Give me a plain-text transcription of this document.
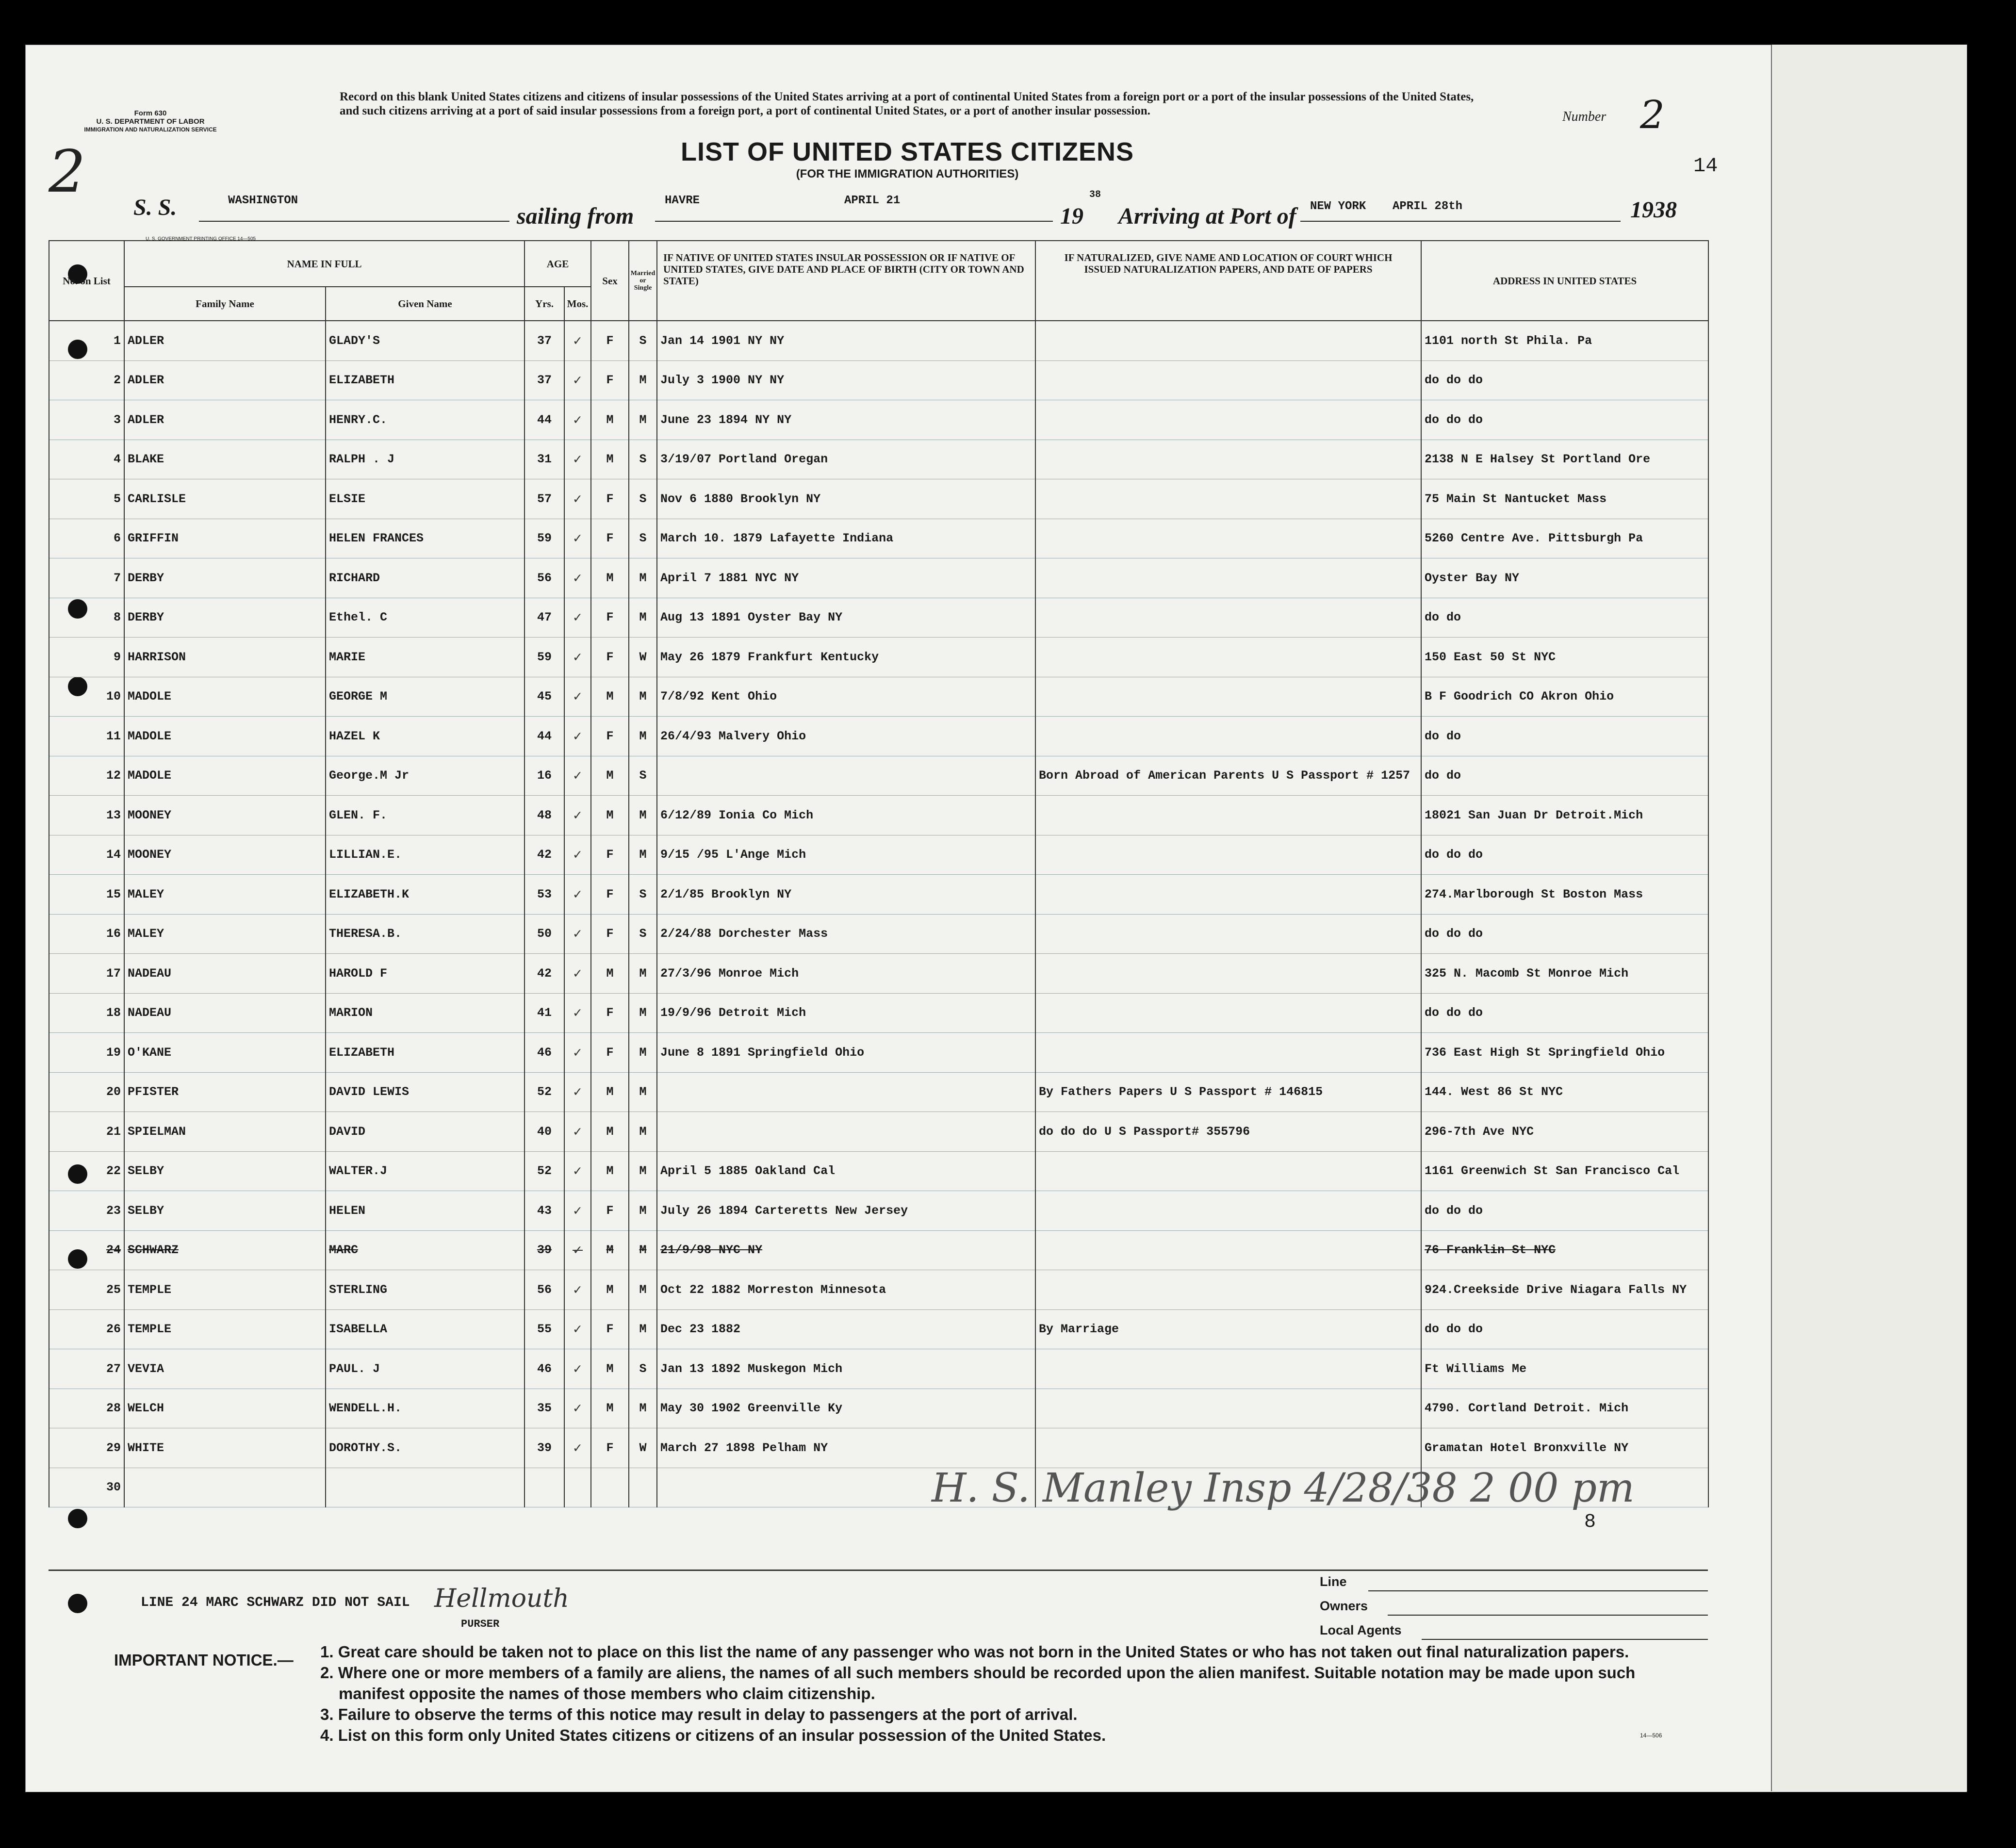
Form 630
U. S. DEPARTMENT OF LABOR
IMMIGRATION AND NATURALIZATION SERVICE
2
Record on this blank United States citizens and citizens of insular possessions of the United States arriving at a port of continental United States from a foreign port or a port of the insular possessions of the United States, and such citizens arriving at a port of said insular possessions from a foreign port, a port of continental United States, or a port of another insular possession.	Number 2
LIST OF UNITED STATES CITIZENS
(FOR THE IMMIGRATION AUTHORITIES)	14
S. S.	WASHINGTON
sailing from
HAVRE	APRIL 21
19
38
Arriving at Port of NEW YORK APRIL 28th	1938
U. S. GOVERNMENT PRINTING OFFICE 14—505
No. on List	NAME IN FULL		AGE		Sex	Married or Single	IF NATIVE OF UNITED STATES INSULAR POSSESSION OR IF NATIVE OF UNITED STATES, GIVE DATE AND PLACE OF BIRTH (CITY OR TOWN AND STATE)	IF NATURALIZED, GIVE NAME AND LOCATION OF COURT WHICH ISSUED NATURALIZATION PAPERS, AND DATE OF PAPERS	ADDRESS IN UNITED STATES
	Family Name	Given Name	Yrs.	Mos.					
1	ADLER	GLADY'S	37	✓	F	S	Jan 14 1901 NY NY		1101 north St Phila. Pa
2	ADLER	ELIZABETH	37	✓	F	M	July 3 1900 NY NY		do do do
3	ADLER	HENRY.C.	44	✓	M	M	June 23 1894 NY NY		do do do
4	BLAKE	RALPH . J	31	✓	M	S	3/19/07 Portland Oregan		2138 N E Halsey St Portland Ore
5	CARLISLE	ELSIE	57	✓	F	S	Nov 6 1880 Brooklyn NY		75 Main St Nantucket Mass
6	GRIFFIN	HELEN FRANCES	59	✓	F	S	March 10. 1879 Lafayette Indiana		5260 Centre Ave. Pittsburgh Pa
7	DERBY	RICHARD	56	✓	M	M	April 7 1881 NYC NY		Oyster Bay NY
8	DERBY	Ethel. C	47	✓	F	M	Aug 13 1891 Oyster Bay NY		do do
9	HARRISON	MARIE	59	✓	F	W	May 26 1879 Frankfurt Kentucky		150 East 50 St NYC
10	MADOLE	GEORGE M	45	✓	M	M	7/8/92 Kent Ohio		B F Goodrich CO Akron Ohio
11	MADOLE	HAZEL K	44	✓	F	M	26/4/93 Malvery Ohio		do do
12	MADOLE	George.M Jr	16	✓	M	S		Born Abroad of American Parents U S Passport # 1257	do do
13	MOONEY	GLEN. F.	48	✓	M	M	6/12/89 Ionia Co Mich		18021 San Juan Dr Detroit.Mich
14	MOONEY	LILLIAN.E.	42	✓	F	M	9/15 /95 L'Ange Mich		do do do
15	MALEY	ELIZABETH.K	53	✓	F	S	2/1/85 Brooklyn NY		274.Marlborough St Boston Mass
16	MALEY	THERESA.B.	50	✓	F	S	2/24/88 Dorchester Mass		do do do
17	NADEAU	HAROLD F	42	✓	M	M	27/3/96 Monroe Mich		325 N. Macomb St Monroe Mich
18	NADEAU	MARION	41	✓	F	M	19/9/96 Detroit Mich		do do do
19	O'KANE	ELIZABETH	46	✓	F	M	June 8 1891 Springfield Ohio		736 East High St Springfield Ohio
20	PFISTER	DAVID LEWIS	52	✓	M	M		By Fathers Papers U S Passport # 146815	144. West 86 St NYC
21	SPIELMAN	DAVID	40	✓	M	M		do do do U S Passport# 355796	296-7th Ave NYC
22	SELBY	WALTER.J	52	✓	M	M	April 5 1885 Oakland Cal		1161 Greenwich St San Francisco Cal
23	SELBY	HELEN	43	✓	F	M	July 26 1894 Carteretts New Jersey		do do do
24	SCHWARZ	MARC	39	✓	M	M	21/9/98 NYC NY		76 Franklin St NYC
25	TEMPLE	STERLING	56	✓	M	M	Oct 22 1882 Morreston Minnesota		924.Creekside Drive Niagara Falls NY
26	TEMPLE	ISABELLA	55	✓	F	M	Dec 23 1882	By Marriage	do do do
27	VEVIA	PAUL. J	46	✓	M	S	Jan 13 1892 Muskegon Mich		Ft Williams Me
28	WELCH	WENDELL.H.	35	✓	M	M	May 30 1902 Greenville Ky		4790. Cortland Detroit. Mich
29	WHITE	DOROTHY.S.	39	✓	F	W	March 27 1898 Pelham NY		Gramatan Hotel Bronxville NY
30										H. S. Manley Insp 4/28/38 2 00 pm
8
LINE 24 MARC SCHWARZ DID NOT SAIL Hellmouth
PURSER
Line
Owners
Local Agents
IMPORTANT NOTICE.— 1. Great care should be taken not to place on this list the name of any passenger who was not born in the United States or who has not taken out final naturalization papers.
2. Where one or more members of a family are aliens, the names of all such members should be recorded upon the alien manifest. Suitable notation may be made upon such
manifest opposite the names of those members who claim citizenship.
3. Failure to observe the terms of this notice may result in delay to passengers at the port of arrival.
4. List on this form only United States citizens or citizens of an insular possession of the United States.	14—506
